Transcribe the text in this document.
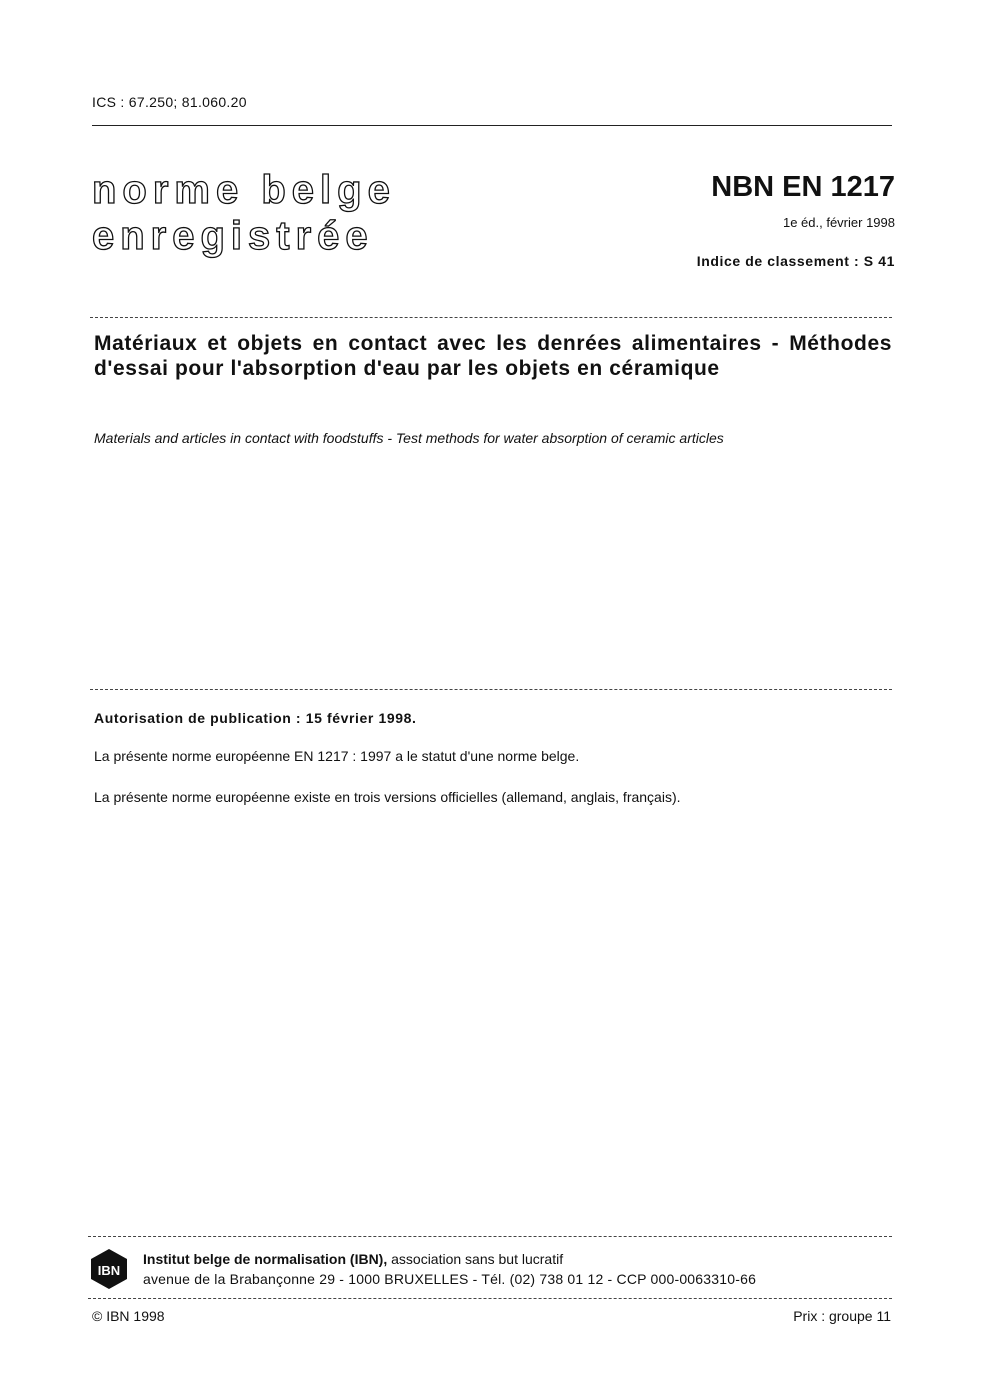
ICS : 67.250; 81.060.20
norme belge
enregistrée
NBN EN 1217
1e éd., février 1998
Indice de classement : S 41
Matériaux et objets en contact avec les denrées alimentaires - Méthodes d'essai pour l'absorption d'eau par les objets en céramique
Materials and articles in contact with foodstuffs - Test methods for water absorption of ceramic articles
Autorisation de publication : 15 février 1998.
La présente norme européenne EN 1217 : 1997 a le statut d'une norme belge.
La présente norme européenne existe en trois versions officielles (allemand, anglais, français).
IBN
Institut belge de normalisation (IBN), association sans but lucratif
avenue de la Brabançonne 29 - 1000 BRUXELLES - Tél. (02) 738 01 12 - CCP 000-0063310-66
© IBN 1998	Prix : groupe 11
